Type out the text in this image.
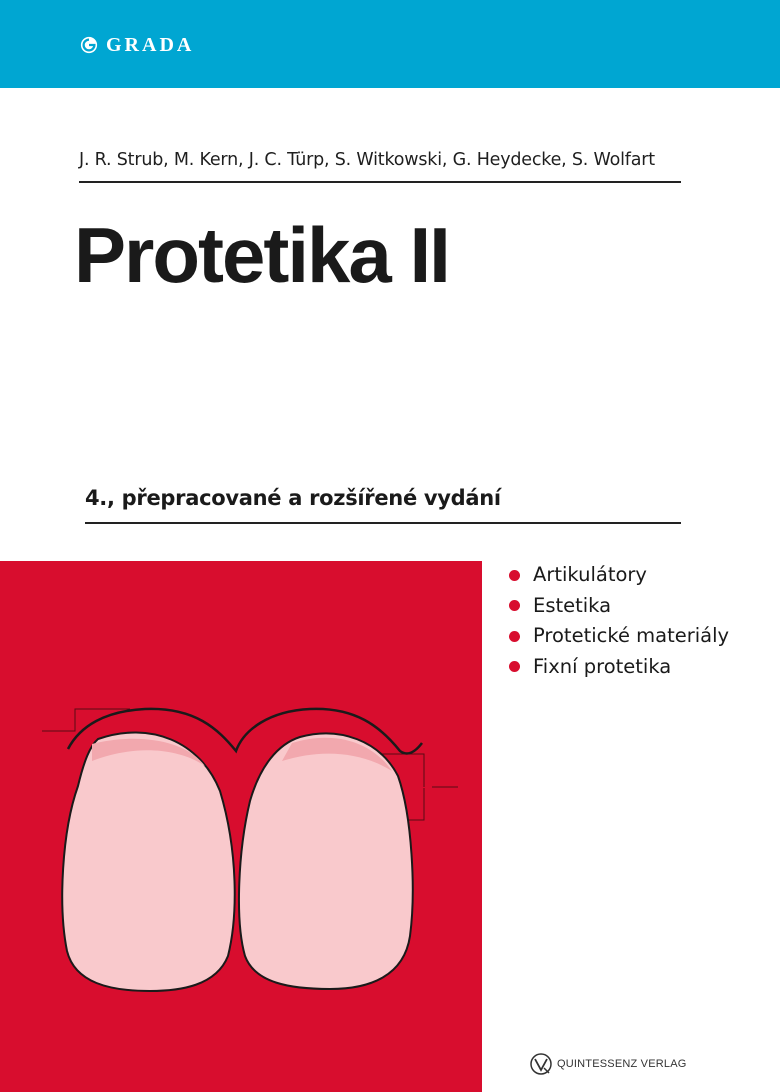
GRADA
J. R. Strub, M. Kern, J. C. Türp, S. Witkowski, G. Heydecke, S. Wolfart
Protetika II
4., přepracované a rozšířené vydání
Artikulátory
Estetika
Protetické materiály
Fixní protetika
QUINTESSENZ VERLAG
